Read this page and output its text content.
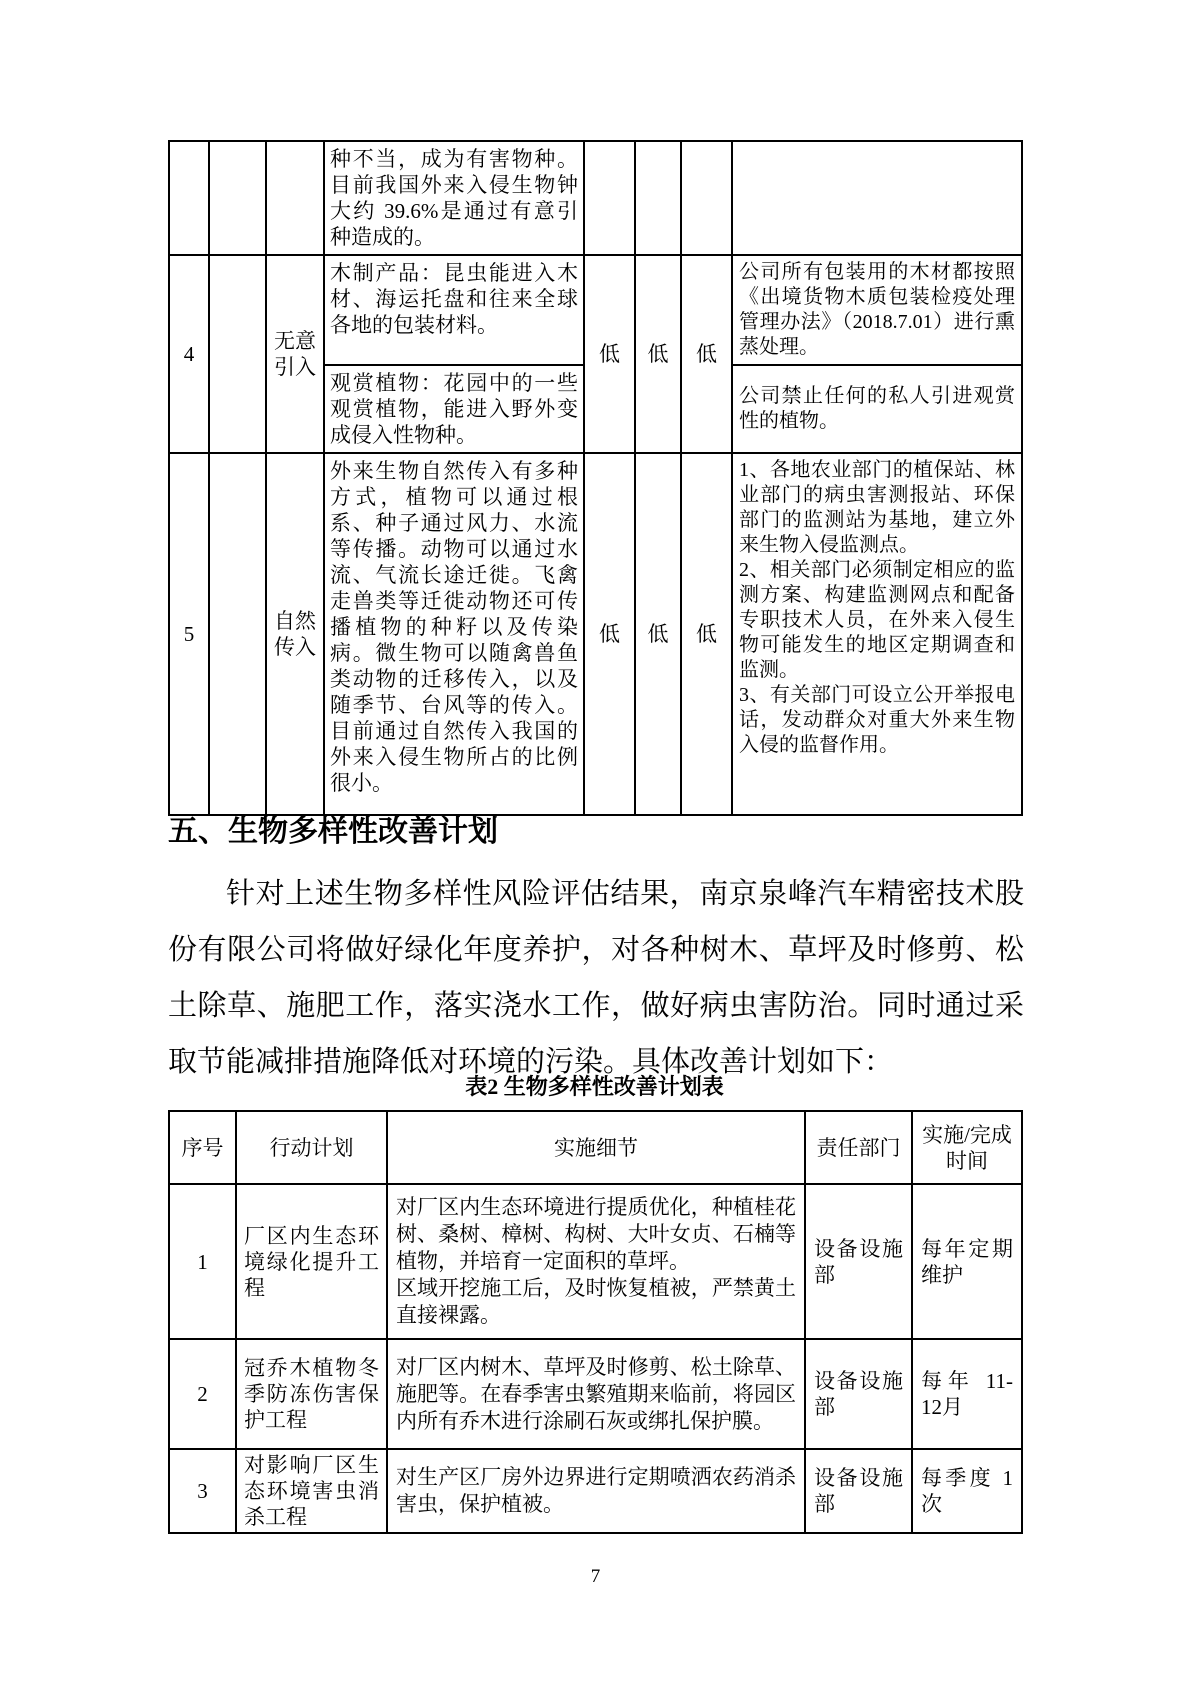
			种不当，成为有害物种。目前我国外来入侵生物钟大约 39.6%是通过有意引种造成的。				

4		无意引入	木制产品：昆虫能进入木材、海运托盘和往来全球各地的包装材料。	低	低	低	公司所有包装用的木材都按照《出境货物木质包装检疫处理管理办法》（2018.7.01）进行熏蒸处理。

			观赏植物：花园中的一些观赏植物，能进入野外变成侵入性物种。				公司禁止任何的私人引进观赏性的植物。

5		自然传入	外来生物自然传入有多种方式，植物可以通过根系、种子通过风力、水流等传播。动物可以通过水流、气流长途迁徙。飞禽走兽类等迁徙动物还可传播植物的种籽以及传染病。微生物可以随禽兽鱼类动物的迁移传入，以及随季节、台风等的传入。目前通过自然传入我国的外来入侵生物所占的比例很小。	低	低	低	1、各地农业部门的植保站、林业部门的病虫害测报站、环保部门的监测站为基地，建立外来生物入侵监测点。
2、相关部门必须制定相应的监测方案、构建监测网点和配备专职技术人员，在外来入侵生物可能发生的地区定期调查和监测。
3、有关部门可设立公开举报电话，发动群众对重大外来生物入侵的监督作用。
五、生物多样性改善计划
针对上述生物多样性风险评估结果，南京泉峰汽车精密技术股份有限公司将做好绿化年度养护，对各种树木、草坪及时修剪、松土除草、施肥工作，落实浇水工作，做好病虫害防治。同时通过采取节能减排措施降低对环境的污染。具体改善计划如下：
表2 生物多样性改善计划表
序号	行动计划	实施细节	责任部门	实施/完成时间
1	厂区内生态环境绿化提升工程	对厂区内生态环境进行提质优化，种植桂花树、桑树、樟树、构树、大叶女贞、石楠等植物，并培育一定面积的草坪。
区域开挖施工后，及时恢复植被，严禁黄土直接裸露。	设备设施部	每年定期维护
2	冠乔木植物冬季防冻伤害保护工程	对厂区内树木、草坪及时修剪、松土除草、施肥等。在春季害虫繁殖期来临前，将园区内所有乔木进行涂刷石灰或绑扎保护膜。	设备设施部	每年 11-12月
3	对影响厂区生态环境害虫消杀工程	对生产区厂房外边界进行定期喷洒农药消杀害虫，保护植被。	设备设施部	每季度 1次
7
